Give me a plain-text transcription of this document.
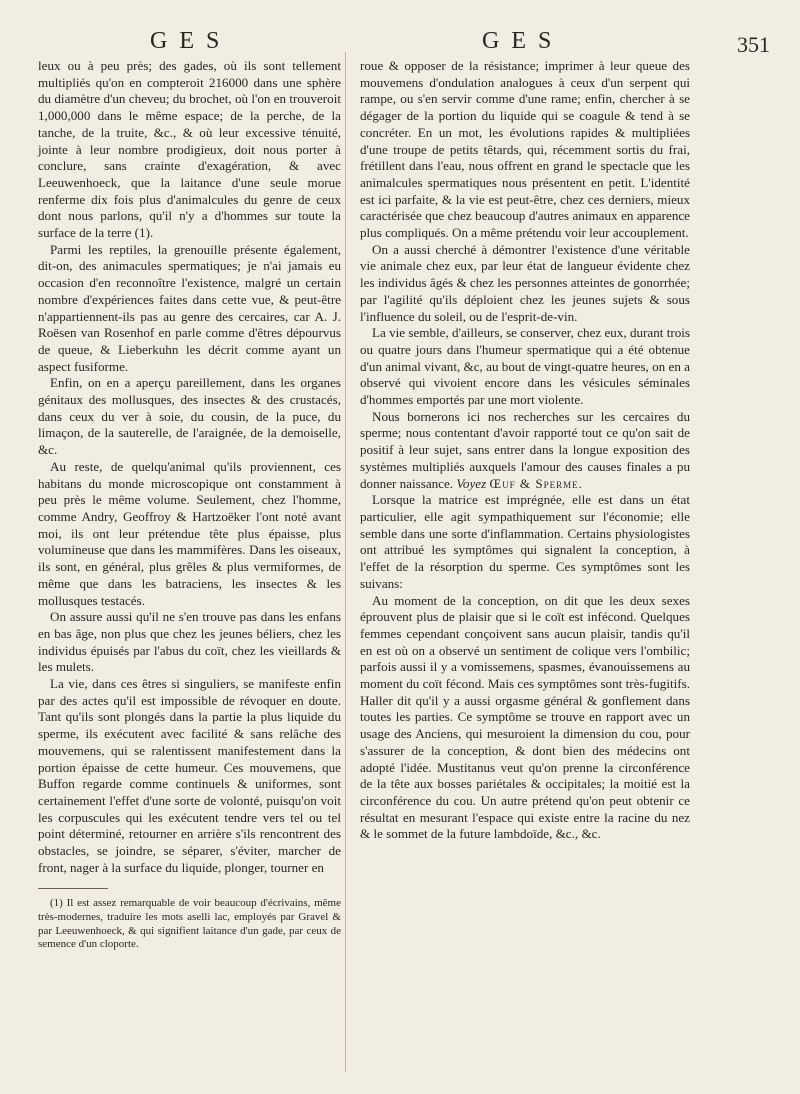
GES	GES	351

leux ou à peu près; des gades, où ils sont tellement multipliés qu'on en compteroit 216000 dans une sphère du diamètre d'un cheveu; du brochet, où l'on en trouveroit 1,000,000 dans le même espace; de la perche, de la tanche, de la truite, &c., & où leur excessive ténuité, jointe à leur nombre prodigieux, doit nous porter à conclure, sans crainte d'exagération, & avec Leeuwenhoeck, que la laitance d'une seule morue renferme dix fois plus d'animalcules du genre de ceux dont nous parlons, qu'il n'y a d'hommes sur toute la surface de la terre (1).

Parmi les reptiles, la grenouille présente également, dit-on, des animacules spermatiques; je n'ai jamais eu occasion d'en reconnoître l'existence, malgré un certain nombre d'expériences faites dans cette vue, & peut-être n'appartiennent-ils pas au genre des cercaires, car A. J. Roësen van Rosenhof en parle comme d'êtres dépourvus de queue, & Lieberkuhn les décrit comme ayant un aspect fusiforme.

Enfin, on en a aperçu pareillement, dans les organes génitaux des mollusques, des insectes & des crustacés, dans ceux du ver à soie, du cousin, de la puce, du limaçon, de la sauterelle, de l'araignée, de la demoiselle, &c.

Au reste, de quelqu'animal qu'ils proviennent, ces habitans du monde microscopique ont constamment à peu près le même volume. Seulement, chez l'homme, comme Andry, Geoffroy & Hartzoëker l'ont noté avant moi, ils ont leur prétendue tête plus épaisse, plus volumineuse que dans les mammifères. Dans les oiseaux, ils sont, en général, plus grêles & plus vermiformes, de même que dans les batraciens, les insectes & les mollusques testacés.

On assure aussi qu'il ne s'en trouve pas dans les enfans en bas âge, non plus que chez les jeunes béliers, chez les individus épuisés par l'abus du coït, chez les vieillards & les mulets.

La vie, dans ces êtres si singuliers, se manifeste enfin par des actes qu'il est impossible de révoquer en doute. Tant qu'ils sont plongés dans la partie la plus liquide du sperme, ils exécutent avec facilité & sans relâche des mouvemens, qui se ralentissent manifestement dans la portion épaisse de cette humeur. Ces mouvemens, que Buffon regarde comme continuels & uniformes, sont certainement l'effet d'une sorte de volonté, puisqu'on voit les corpuscules qui les exécutent tendre vers tel ou tel point déterminé, retourner en arrière s'ils rencontrent des obstacles, se joindre, se séparer, s'éviter, marcher de front, nager à la surface du liquide, plonger, tourner en

(1) Il est assez remarquable de voir beaucoup d'écrivains, même très-modernes, traduire les mots asellì lac, employés par Gravel & par Leeuwenhoeck, & qui signifient laitance d'un gade, par ceux de semence d'un cloporte.

roue & opposer de la résistance; imprimer à leur queue des mouvemens d'ondulation analogues à ceux d'un serpent qui rampe, ou s'en servir comme d'une rame; enfin, chercher à se dégager de la portion du liquide qui se coagule & tend à se concréter. En un mot, les évolutions rapides & multipliées d'une troupe de petits têtards, qui, récemment sortis du frai, frétillent dans l'eau, nous offrent en grand le spectacle que les animalcules spermatiques nous présentent en petit. L'identité est ici parfaite, & la vie est peut-être, chez ces derniers, mieux caractérisée que chez beaucoup d'autres animaux en apparence plus compliqués. On a même prétendu voir leur accouplement.

On a aussi cherché à démontrer l'existence d'une véritable vie animale chez eux, par leur état de langueur évidente chez les individus âgés & chez les personnes atteintes de gonorrhée; par l'agilité qu'ils déploient chez les jeunes sujets & sous l'influence du soleil, ou de l'esprit-de-vin.

La vie semble, d'ailleurs, se conserver, chez eux, durant trois ou quatre jours dans l'humeur spermatique qui a été obtenue d'un animal vivant, &c, au bout de vingt-quatre heures, on en a observé qui vivoient encore dans les vésicules séminales d'hommes emportés par une mort violente.

Nous bornerons ici nos recherches sur les cercaires du sperme; nous contentant d'avoir rapporté tout ce qu'on sait de positif à leur sujet, sans entrer dans la longue exposition des systèmes multipliés auxquels l'amour des causes finales a pu donner naissance. Voyez Œuf & Sperme.

Lorsque la matrice est imprégnée, elle est dans un état particulier, elle agit sympathiquement sur l'économie; elle semble dans une sorte d'inflammation. Certains physiologistes ont attribué les symptômes qui signalent la conception, à l'effet de la résorption du sperme. Ces symptômes sont les suivans:

Au moment de la conception, on dit que les deux sexes éprouvent plus de plaisir que si le coït est infécond. Quelques femmes cependant conçoivent sans aucun plaisir, tandis qu'il en est où on a observé un sentiment de colique vers l'ombilic; parfois aussi il y a vomissemens, spasmes, évanouissemens au moment du coït fécond. Mais ces symptômes sont très-fugitifs. Haller dit qu'il y a aussi orgasme général & gonflement dans toutes les parties. Ce symptôme se trouve en rapport avec un usage des Anciens, qui mesuroient la dimension du cou, pour s'assurer de la conception, & dont bien des médecins ont adopté l'idée. Mustitanus veut qu'on prenne la circonférence de la tête aux bosses pariétales & occipitales; la moitié est la circonférence du cou. Un autre prétend qu'on peut obtenir ce résultat en mesurant l'espace qui existe entre la racine du nez & le sommet de la future lambdoïde, &c., &c.
